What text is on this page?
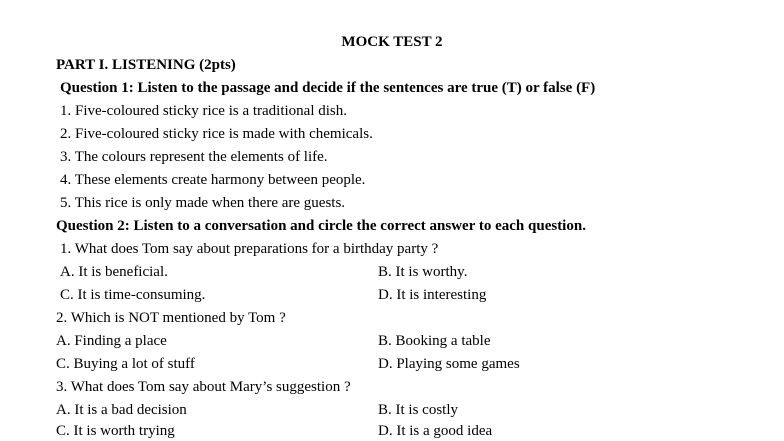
MOCK TEST 2
PART I. LISTENING (2pts)
Question 1: Listen to the passage and decide if the sentences are true (T) or false (F)
1. Five-coloured sticky rice is a traditional dish.
2. Five-coloured sticky rice is made with chemicals.
3. The colours represent the elements of life.
4. These elements create harmony between people.
5. This rice is only made when there are guests.
Question 2: Listen to a conversation and circle the correct answer to each question.
1. What does Tom say about preparations for a birthday party ?
A. It is beneficial.	B. It is worthy.
C. It is time-consuming.	D. It is interesting
2. Which is NOT mentioned by Tom ?
A. Finding a place	B. Booking a table
C. Buying a lot of stuff	D. Playing some games
3. What does Tom say about Mary’s suggestion ?
A. It is a bad decision	B. It is costly
C. It is worth trying	D. It is a good idea
